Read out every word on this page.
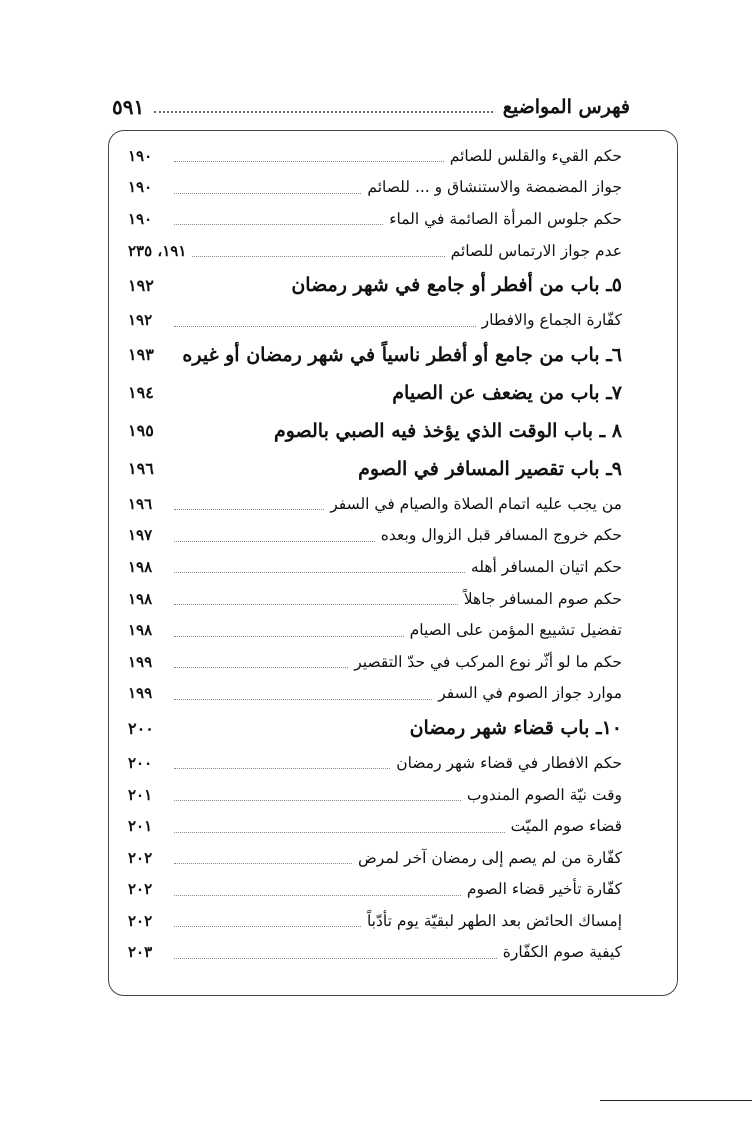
فهرس المواضيع
٥٩١
حكم القيء والقلس للصائم
١٩٠
جواز المضمضة والاستنشاق و ... للصائم
١٩٠
حكم جلوس المرأة الصائمة في الماء
١٩٠
عدم جواز الارتماس للصائم
١٩١، ٢٣٥
٥ـ باب من أفطر أو جامع في شهر رمضان
١٩٢
كفّارة الجماع والافطار
١٩٢
٦ـ باب من جامع أو أفطر ناسياً في شهر رمضان أو غيره
١٩٣
٧ـ باب من يضعف عن الصيام
١٩٤
٨ ـ باب الوقت الذي يؤخذ فيه الصبي بالصوم
١٩٥
٩ـ باب تقصير المسافر في الصوم
١٩٦
من يجب عليه اتمام الصلاة والصيام في السفر
١٩٦
حكم خروج المسافر قبل الزوال وبعده
١٩٧
حكم اتيان المسافر أهله
١٩٨
حكم صوم المسافر جاهلاً
١٩٨
تفضيل تشييع المؤمن على الصيام
١٩٨
حكم ما لو أثّر نوع المركب في حدّ التقصير
١٩٩
موارد جواز الصوم في السفر
١٩٩
١٠ـ باب قضاء شهر رمضان
٢٠٠
حكم الافطار في قضاء شهر رمضان
٢٠٠
وقت نيّة الصوم المندوب
٢٠١
قضاء صوم الميّت
٢٠١
كفّارة من لم يصم إلى رمضان آخر لمرض
٢٠٢
كفّارة تأخير قضاء الصوم
٢٠٢
إمساك الحائض بعد الطهر لبقيّة يوم تأدّباً
٢٠٢
كيفية صوم الكفّارة
٢٠٣
